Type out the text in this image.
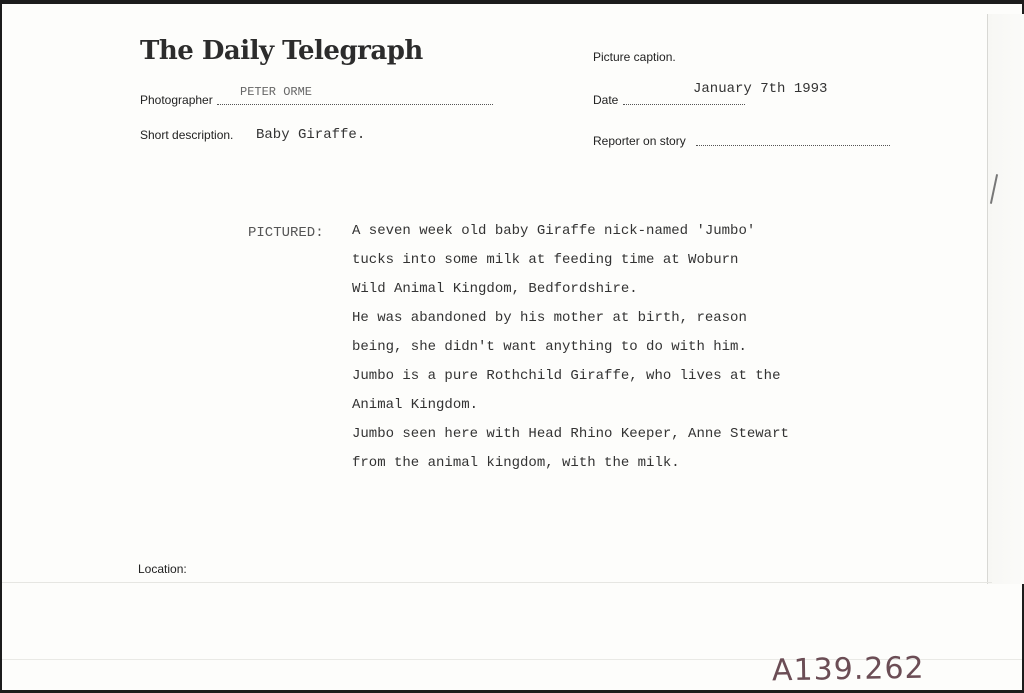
The Daily Telegraph	Picture caption.
Photographer
PETER ORME
Date
January 7th 1993
Short description. Baby Giraffe.	Reporter on story
PICTURED: A seven week old baby Giraffe nick-named 'Jumbo'
tucks into some milk at feeding time at Woburn
Wild Animal Kingdom, Bedfordshire.
He was abandoned by his mother at birth, reason
being, she didn't want anything to do with him.
Jumbo is a pure Rothchild Giraffe, who lives at the
Animal Kingdom.
Jumbo seen here with Head Rhino Keeper, Anne Stewart
from the animal kingdom, with the milk.
Location:
A139.262
